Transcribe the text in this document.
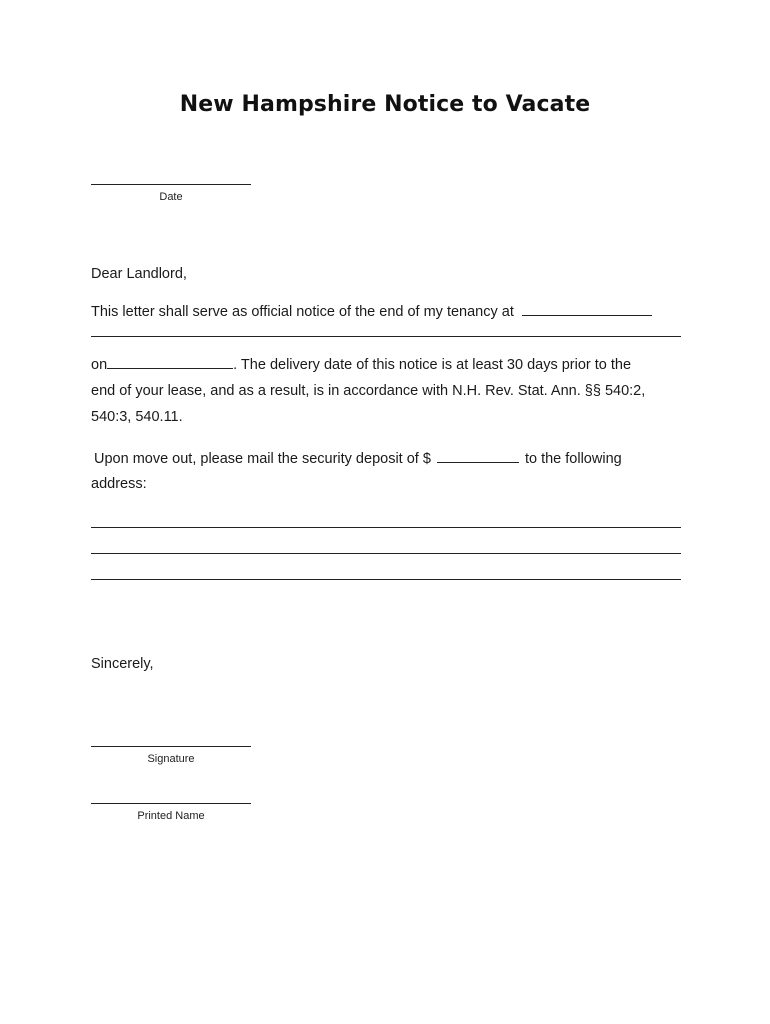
New Hampshire Notice to Vacate
Date
Dear Landlord,
This letter shall serve as official notice of the end of my tenancy at
on	. The delivery date of this notice is at least 30 days prior to the
end of your lease, and as a result, is in accordance with N.H. Rev. Stat. Ann. §§ 540:2,
540:3, 540.11.
Upon move out, please mail the security deposit of $	to the following
address:
Sincerely,
Signature
Printed Name
